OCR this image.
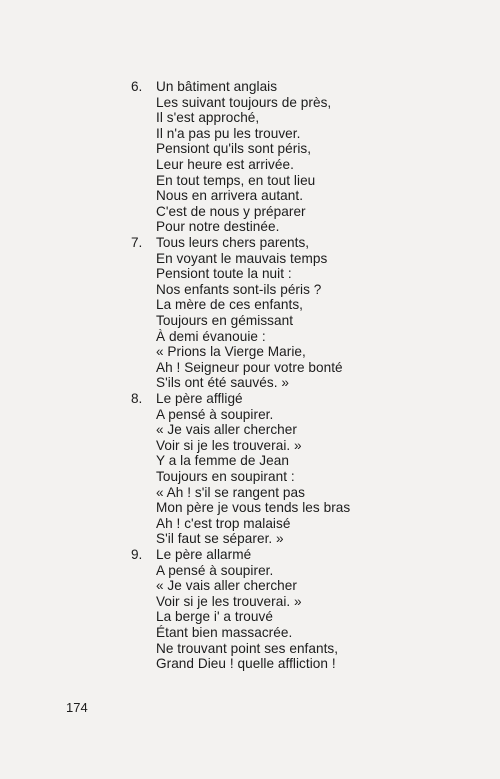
6.	Un bâtiment anglais
Les suivant toujours de près,
Il s'est approché,
Il n'a pas pu les trouver.
Pensiont qu'ils sont péris,
Leur heure est arrivée.
En tout temps, en tout lieu
Nous en arrivera autant.
C'est de nous y préparer
Pour notre destinée.
7.	Tous leurs chers parents,
En voyant le mauvais temps
Pensiont toute la nuit :
Nos enfants sont-ils péris ?
La mère de ces enfants,
Toujours en gémissant
À demi évanouie :
« Prions la Vierge Marie,
Ah ! Seigneur pour votre bonté
S'ils ont été sauvés. »
8.	Le père affligé
A pensé à soupirer.
« Je vais aller chercher
Voir si je les trouverai. »
Y a la femme de Jean
Toujours en soupirant :
« Ah ! s'il se rangent pas
Mon père je vous tends les bras
Ah ! c'est trop malaisé
S'il faut se séparer. »
9.	Le père allarmé
A pensé à soupirer.
« Je vais aller chercher
Voir si je les trouverai. »
La berge i' a trouvé
Étant bien massacrée.
Ne trouvant point ses enfants,
Grand Dieu ! quelle affliction !
174
